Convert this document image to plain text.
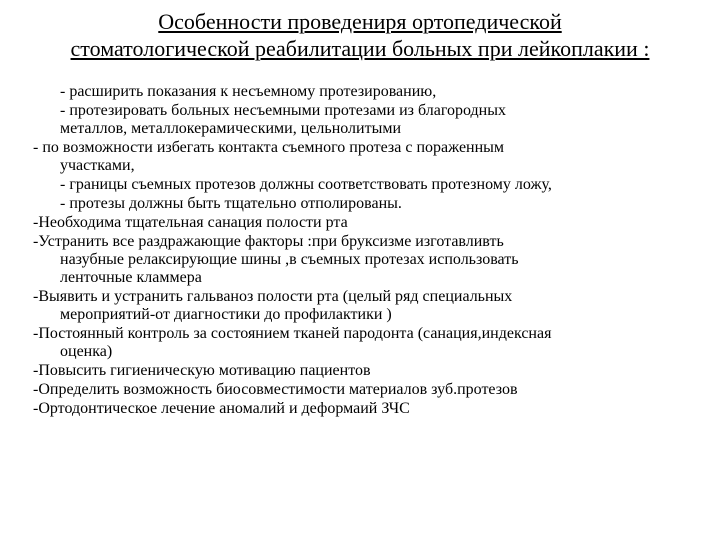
Особенности проведениря ортопедической
стоматологической реабилитации больных при лейкоплакии :
- расширить показания к несъемному протезированию,
- протезировать больных несъемными протезами из благородных
металлов, металлокерамическими, цельнолитыми
- по возможности избегать контакта съемного протеза с пораженным
участками,
- границы съемных протезов должны соответствовать протезному ложу,
- протезы должны быть тщательно отполированы.
-Необходима тщательная санация полости рта
-Устранить все раздражающие факторы :при бруксизме изготавливть
назубные релаксирующие шины ,в съемных протезах использовать
ленточные кламмера
-Выявить и устранить гальваноз полости рта (целый ряд специальных
мероприятий-от диагностики до профилактики )
-Постоянный контроль за состоянием тканей пародонта (санация,индексная
оценка)
-Повысить гигиеническую мотивацию пациентов
-Определить возможность биосовместимости материалов зуб.протезов
-Ортодонтическое лечение аномалий и деформаий ЗЧС
